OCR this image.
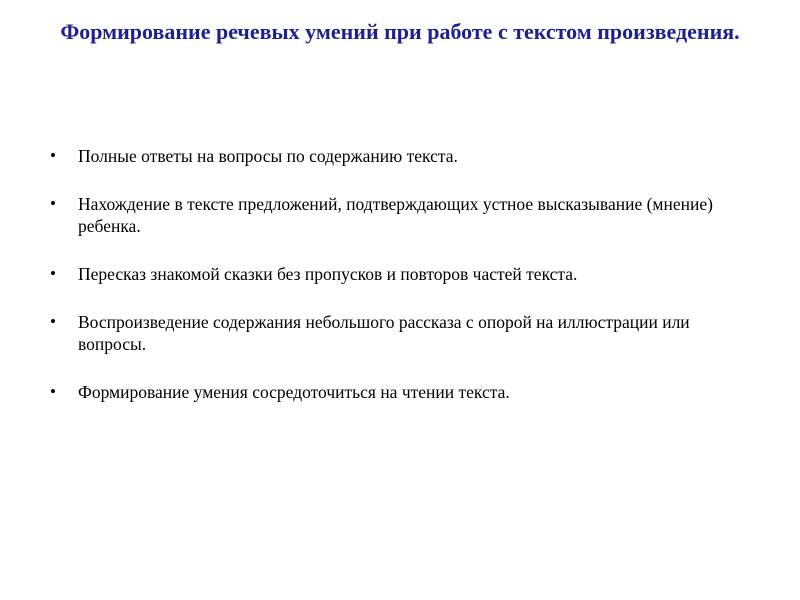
Формирование речевых умений при работе с текстом произведения.
• Полные ответы на вопросы по содержанию текста.
• Нахождение в тексте предложений, подтверждающих устное высказывание (мнение) ребенка.
• Пересказ знакомой сказки без пропусков и повторов частей текста.
• Воспроизведение содержания небольшого рассказа с опорой на иллюстрации или вопросы.
• Формирование умения сосредоточиться на чтении текста.
